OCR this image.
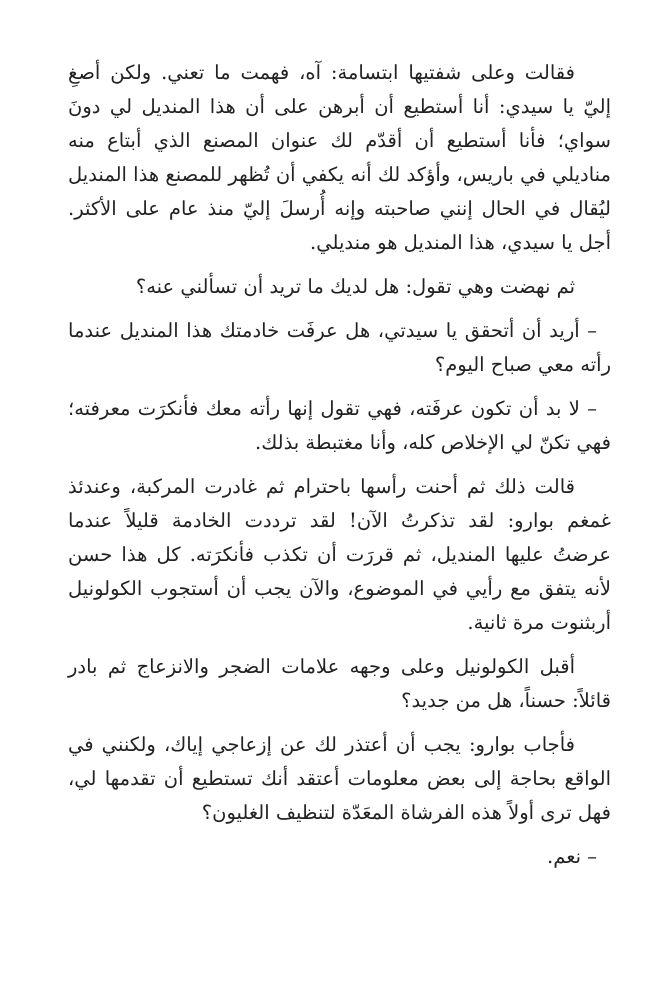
فقالت وعلى شفتيها ابتسامة: آه، فهمت ما تعني. ولكن أصغِ إليّ يا سيدي: أنا أستطيع أن أبرهن على أن هذا المنديل لي دونَ سواي؛ فأنا أستطيع أن أقدّم لك عنوان المصنع الذي أبتاع منه مناديلي في باريس، وأؤكد لك أنه يكفي أن تُظهر للمصنع هذا المنديل ليُقال في الحال إنني صاحبته وإنه أُرسلَ إليّ منذ عام على الأكثر. أجل يا سيدي، هذا المنديل هو منديلي.

ثم نهضت وهي تقول: هل لديك ما تريد أن تسألني عنه؟

– أريد أن أتحقق يا سيدتي، هل عرفَت خادمتك هذا المنديل عندما رأته معي صباح اليوم؟

– لا بد أن تكون عرفَته، فهي تقول إنها رأته معك فأنكرَت معرفته؛ فهي تكنّ لي الإخلاص كله، وأنا مغتبطة بذلك.

قالت ذلك ثم أحنت رأسها باحترام ثم غادرت المركبة، وعندئذ غمغم بوارو: لقد تذكرتُ الآن! لقد ترددت الخادمة قليلاً عندما عرضتُ عليها المنديل، ثم قررَت أن تكذب فأنكرَته. كل هذا حسن لأنه يتفق مع رأيي في الموضوع، والآن يجب أن أستجوب الكولونيل أربثنوت مرة ثانية.

أقبل الكولونيل وعلى وجهه علامات الضجر والانزعاج ثم بادر قائلاً: حسناً، هل من جديد؟

فأجاب بوارو: يجب أن أعتذر لك عن إزعاجي إياك، ولكنني في الواقع بحاجة إلى بعض معلومات أعتقد أنك تستطيع أن تقدمها لي، فهل ترى أولاً هذه الفرشاة المعَدّة لتنظيف الغليون؟

– نعم.
